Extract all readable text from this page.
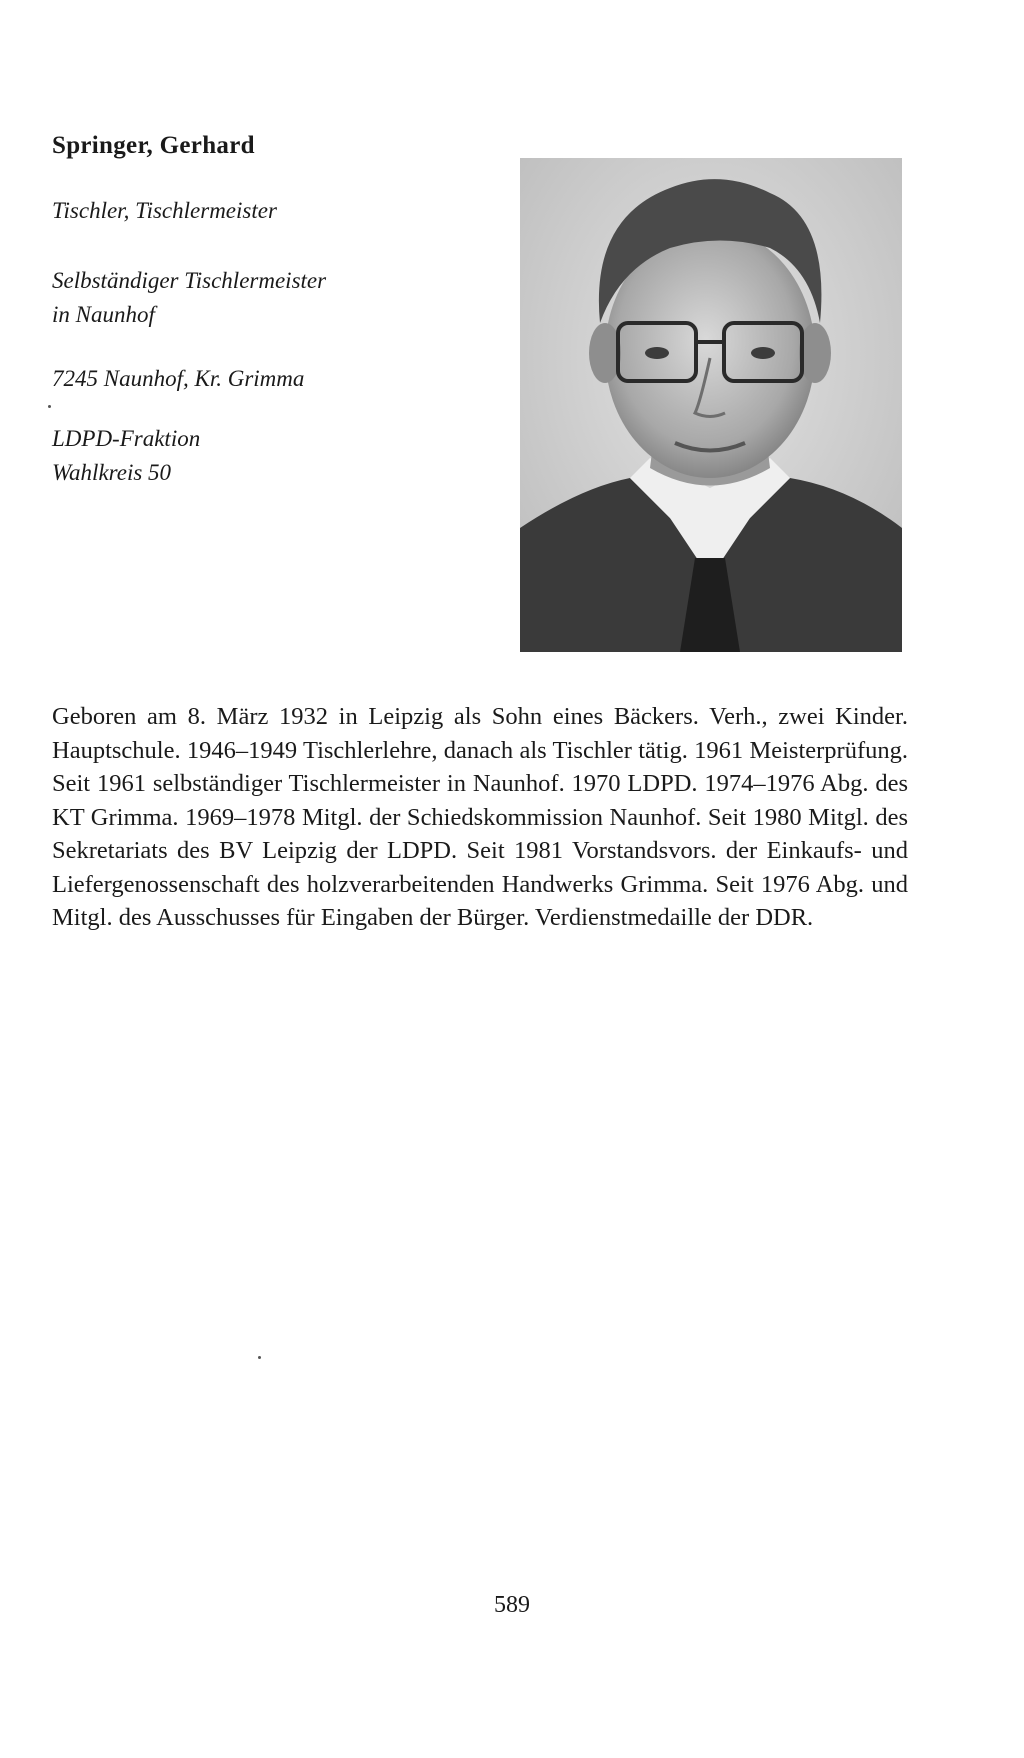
Springer, Gerhard
Tischler, Tischlermeister
Selbständiger Tischlermeister
in Naunhof
7245 Naunhof, Kr. Grimma
LDPD-Fraktion
Wahlkreis 50

Geboren am 8. März 1932 in Leipzig als Sohn eines Bäckers. Verh., zwei Kinder. Hauptschule. 1946–1949 Tischlerlehre, danach als Tischler tätig. 1961 Meisterprüfung. Seit 1961 selbständiger Tischlermeister in Naunhof. 1970 LDPD. 1974–1976 Abg. des KT Grimma. 1969–1978 Mitgl. der Schiedskommission Naunhof. Seit 1980 Mitgl. des Sekretariats des BV Leipzig der LDPD. Seit 1981 Vorstandsvors. der Einkaufs- und Liefergenossenschaft des holzverarbeitenden Handwerks Grimma. Seit 1976 Abg. und Mitgl. des Ausschusses für Eingaben der Bürger. Verdienstmedaille der DDR.

589
